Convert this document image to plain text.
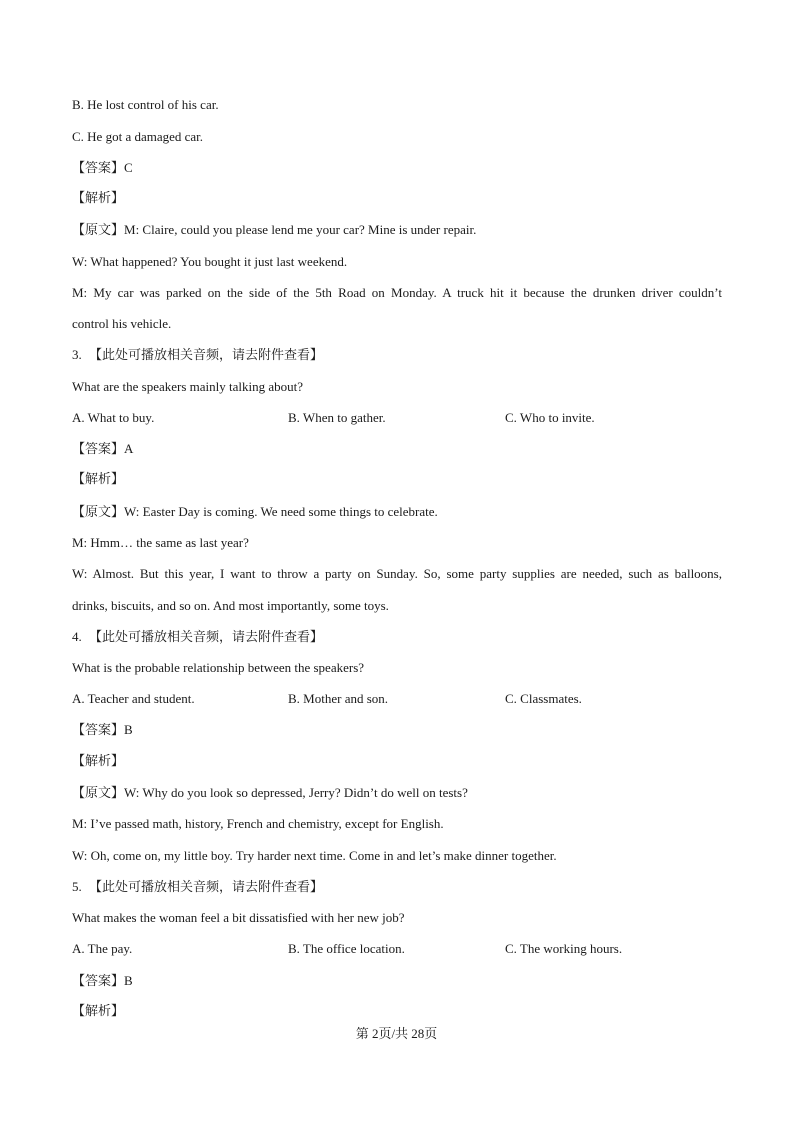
B. He lost control of his car.
C. He got a damaged car.
【答案】C
【解析】
【原文】M: Claire, could you please lend me your car? Mine is under repair.
W: What happened? You bought it just last weekend.
M: My car was parked on the side of the 5th Road on Monday. A truck hit it because the drunken driver couldn’t
control his vehicle.
3. 【此处可播放相关音频，请去附件查看】
What are the speakers mainly talking about?
A. What to buy.	B. When to gather.	C. Who to invite.
【答案】A
【解析】
【原文】W: Easter Day is coming. We need some things to celebrate.
M: Hmm… the same as last year?
W: Almost. But this year, I want to throw a party on Sunday. So, some party supplies are needed, such as balloons,
drinks, biscuits, and so on. And most importantly, some toys.
4. 【此处可播放相关音频，请去附件查看】
What is the probable relationship between the speakers?
A. Teacher and student.	B. Mother and son.	C. Classmates.
【答案】B
【解析】
【原文】W: Why do you look so depressed, Jerry? Didn’t do well on tests?
M: I’ve passed math, history, French and chemistry, except for English.
W: Oh, come on, my little boy. Try harder next time. Come in and let’s make dinner together.
5. 【此处可播放相关音频，请去附件查看】
What makes the woman feel a bit dissatisfied with her new job?
A. The pay.	B. The office location.	C. The working hours.
【答案】B
【解析】
第 2页/共 28页
